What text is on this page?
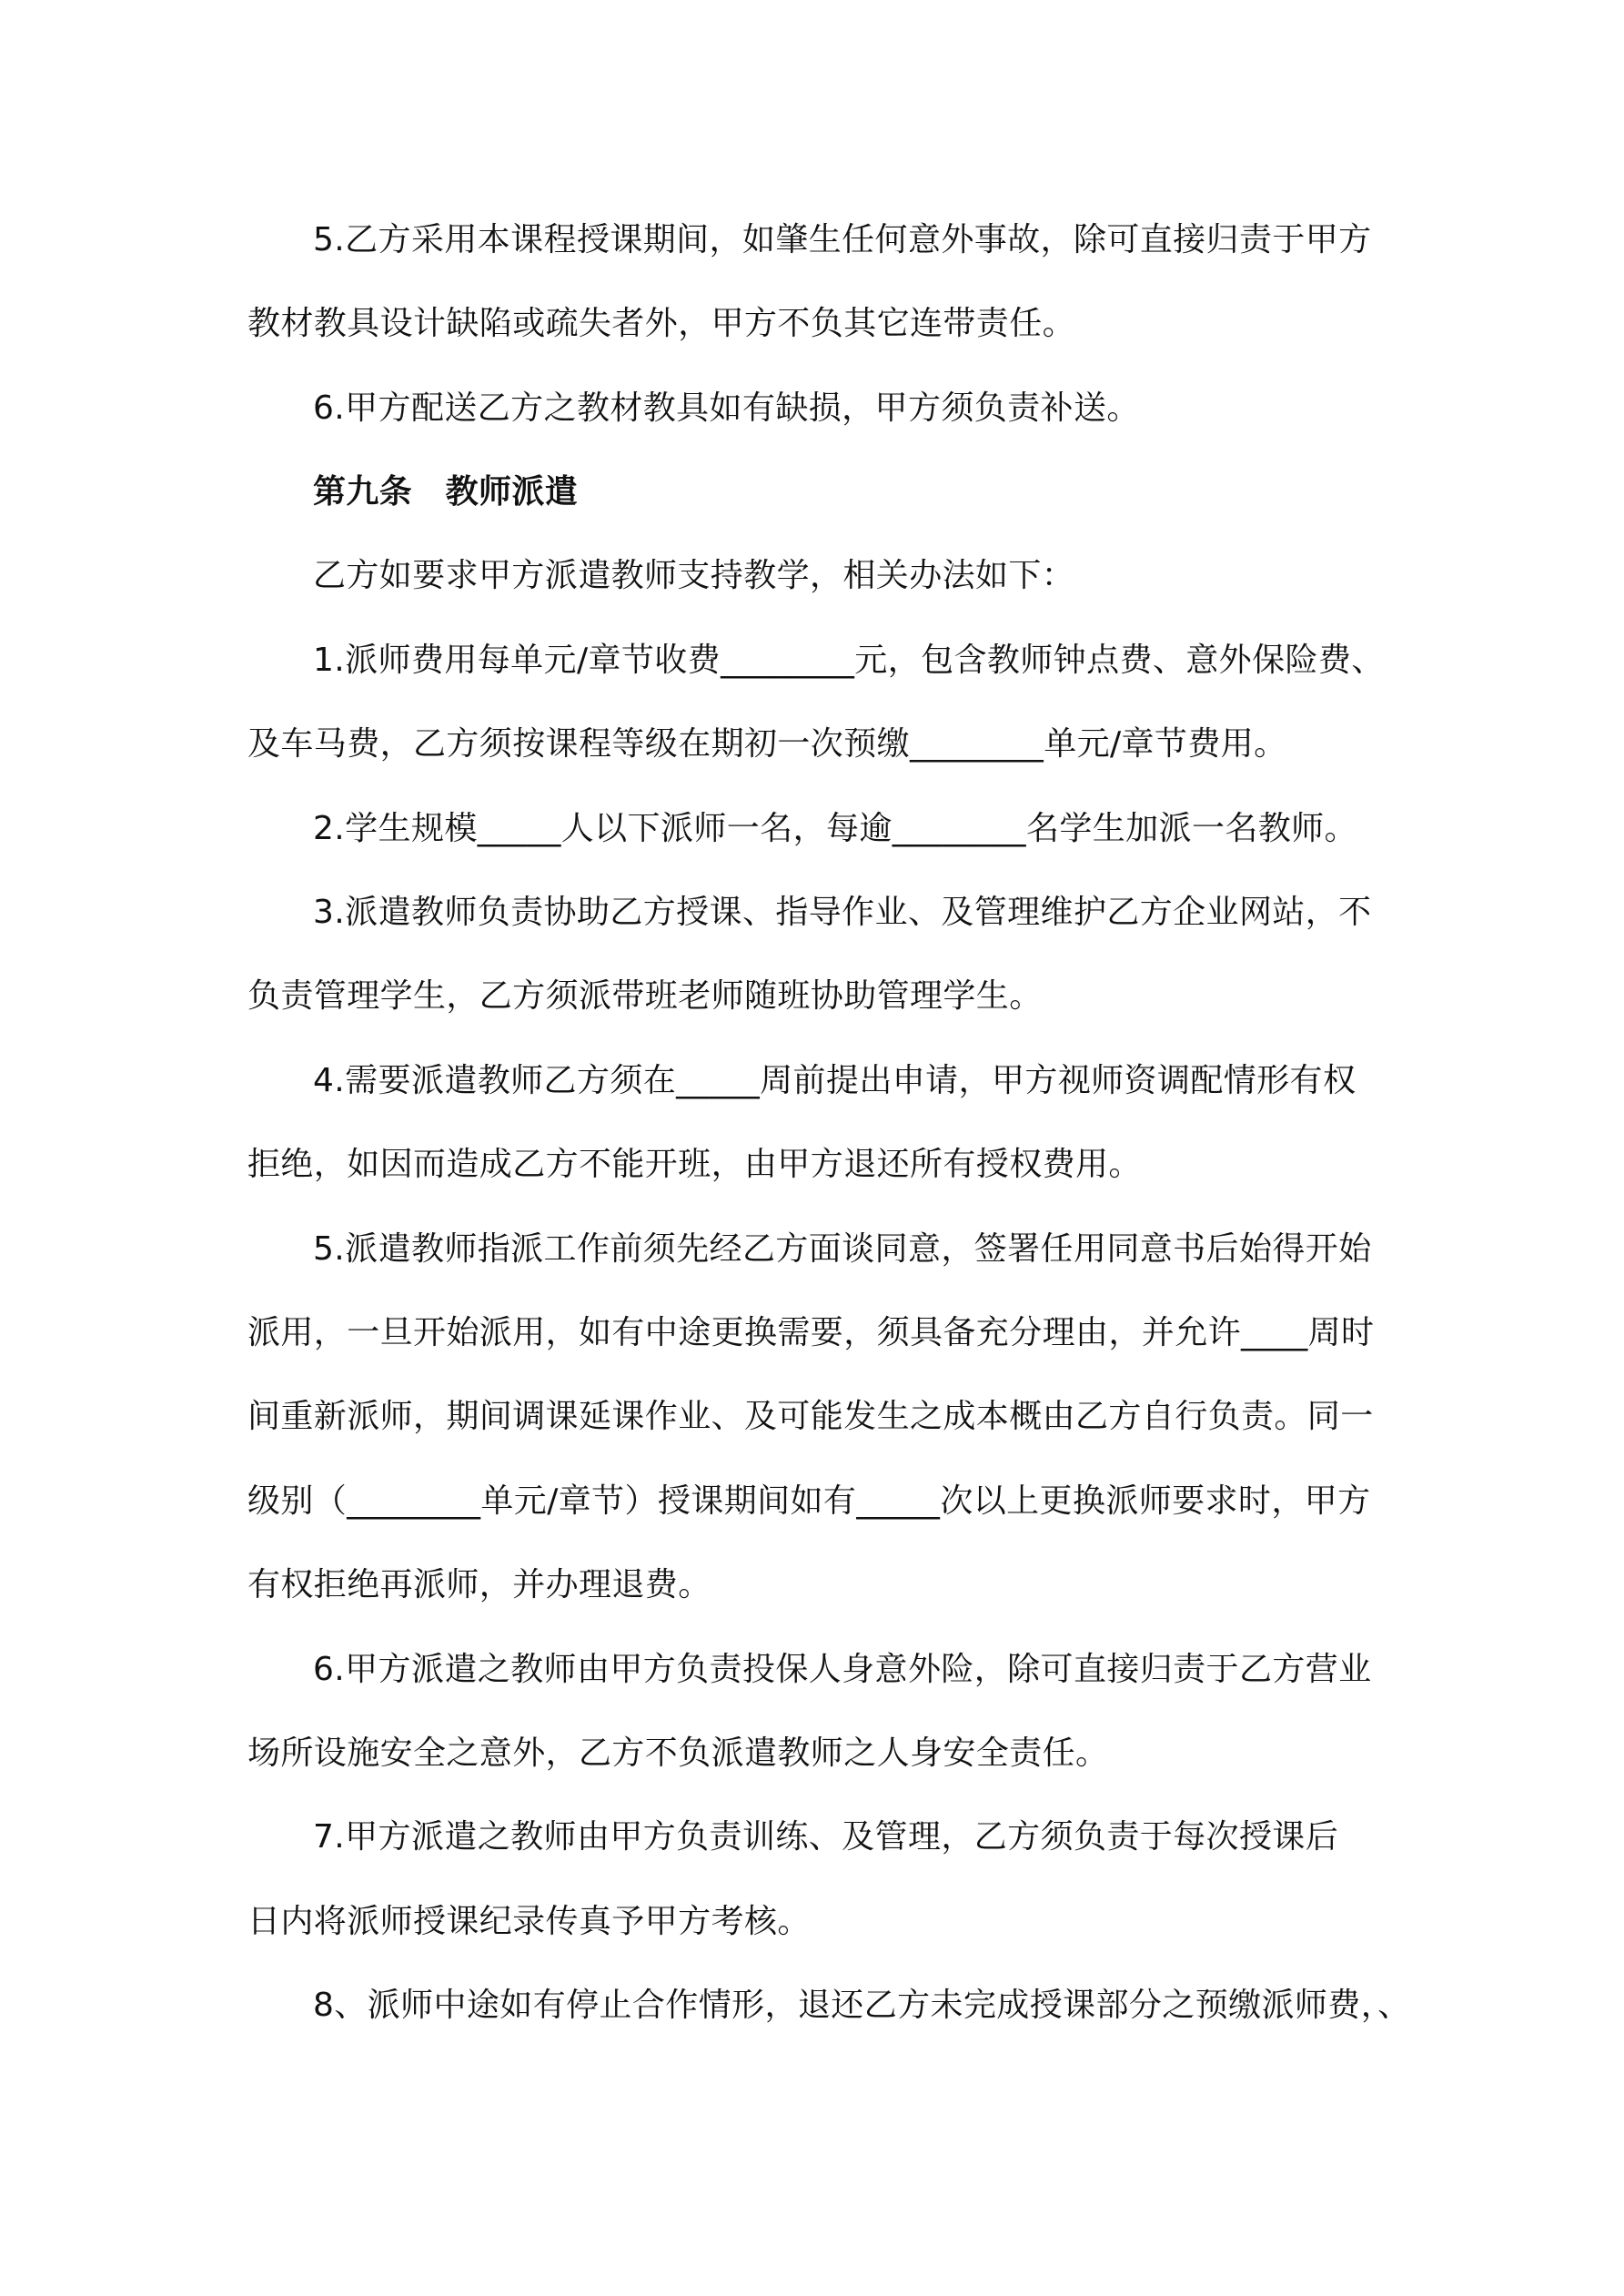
5.乙方采用本课程授课期间，如肇生任何意外事故，除可直接归责于甲方
教材教具设计缺陷或疏失者外，甲方不负其它连带责任。
6.甲方配送乙方之教材教具如有缺损，甲方须负责补送。
第九条　教师派遣
乙方如要求甲方派遣教师支持教学，相关办法如下：
1.派师费用每单元/章节收费________元，包含教师钟点费、意外保险费、
及车马费，乙方须按课程等级在期初一次预缴________单元/章节费用。
2.学生规模_____人以下派师一名，每逾________名学生加派一名教师。
3.派遣教师负责协助乙方授课、指导作业、及管理维护乙方企业网站，不
负责管理学生，乙方须派带班老师随班协助管理学生。
4.需要派遣教师乙方须在_____周前提出申请，甲方视师资调配情形有权
拒绝，如因而造成乙方不能开班，由甲方退还所有授权费用。
5.派遣教师指派工作前须先经乙方面谈同意，签署任用同意书后始得开始
派用，一旦开始派用，如有中途更换需要，须具备充分理由，并允许____周时
间重新派师，期间调课延课作业、及可能发生之成本概由乙方自行负责。同一
级别（________单元/章节）授课期间如有_____次以上更换派师要求时，甲方
有权拒绝再派师，并办理退费。
6.甲方派遣之教师由甲方负责投保人身意外险，除可直接归责于乙方营业
场所设施安全之意外，乙方不负派遣教师之人身安全责任。
7.甲方派遣之教师由甲方负责训练、及管理，乙方须负责于每次授课后
日内将派师授课纪录传真予甲方考核。
8、派师中途如有停止合作情形，退还乙方未完成授课部分之预缴派师费，、
